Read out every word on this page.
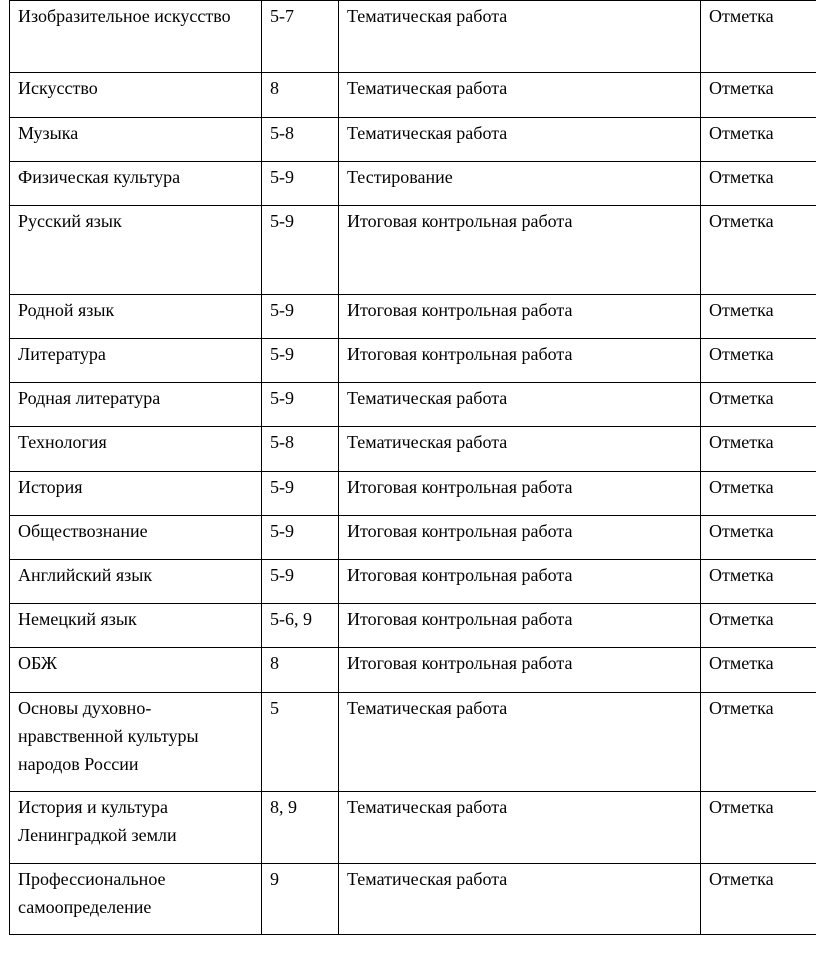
Изобразительное искусство	5-7	Тематическая работа	Отметка
Искусство	8	Тематическая работа	Отметка
Музыка	5-8	Тематическая работа	Отметка
Физическая культура	5-9	Тестирование	Отметка
Русский язык	5-9	Итоговая контрольная работа	Отметка
Родной язык	5-9	Итоговая контрольная работа	Отметка
Литература	5-9	Итоговая контрольная работа	Отметка
Родная литература	5-9	Тематическая работа	Отметка
Технология	5-8	Тематическая работа	Отметка
История	5-9	Итоговая контрольная работа	Отметка
Обществознание	5-9	Итоговая контрольная работа	Отметка
Английский язык	5-9	Итоговая контрольная работа	Отметка
Немецкий язык	5-6, 9	Итоговая контрольная работа	Отметка
ОБЖ	8	Итоговая контрольная работа	Отметка
Основы духовно-нравственной культуры народов России	5	Тематическая работа	Отметка
История и культура Ленинградкой земли	8, 9	Тематическая работа	Отметка
Профессиональное самоопределение	9	Тематическая работа	Отметка
